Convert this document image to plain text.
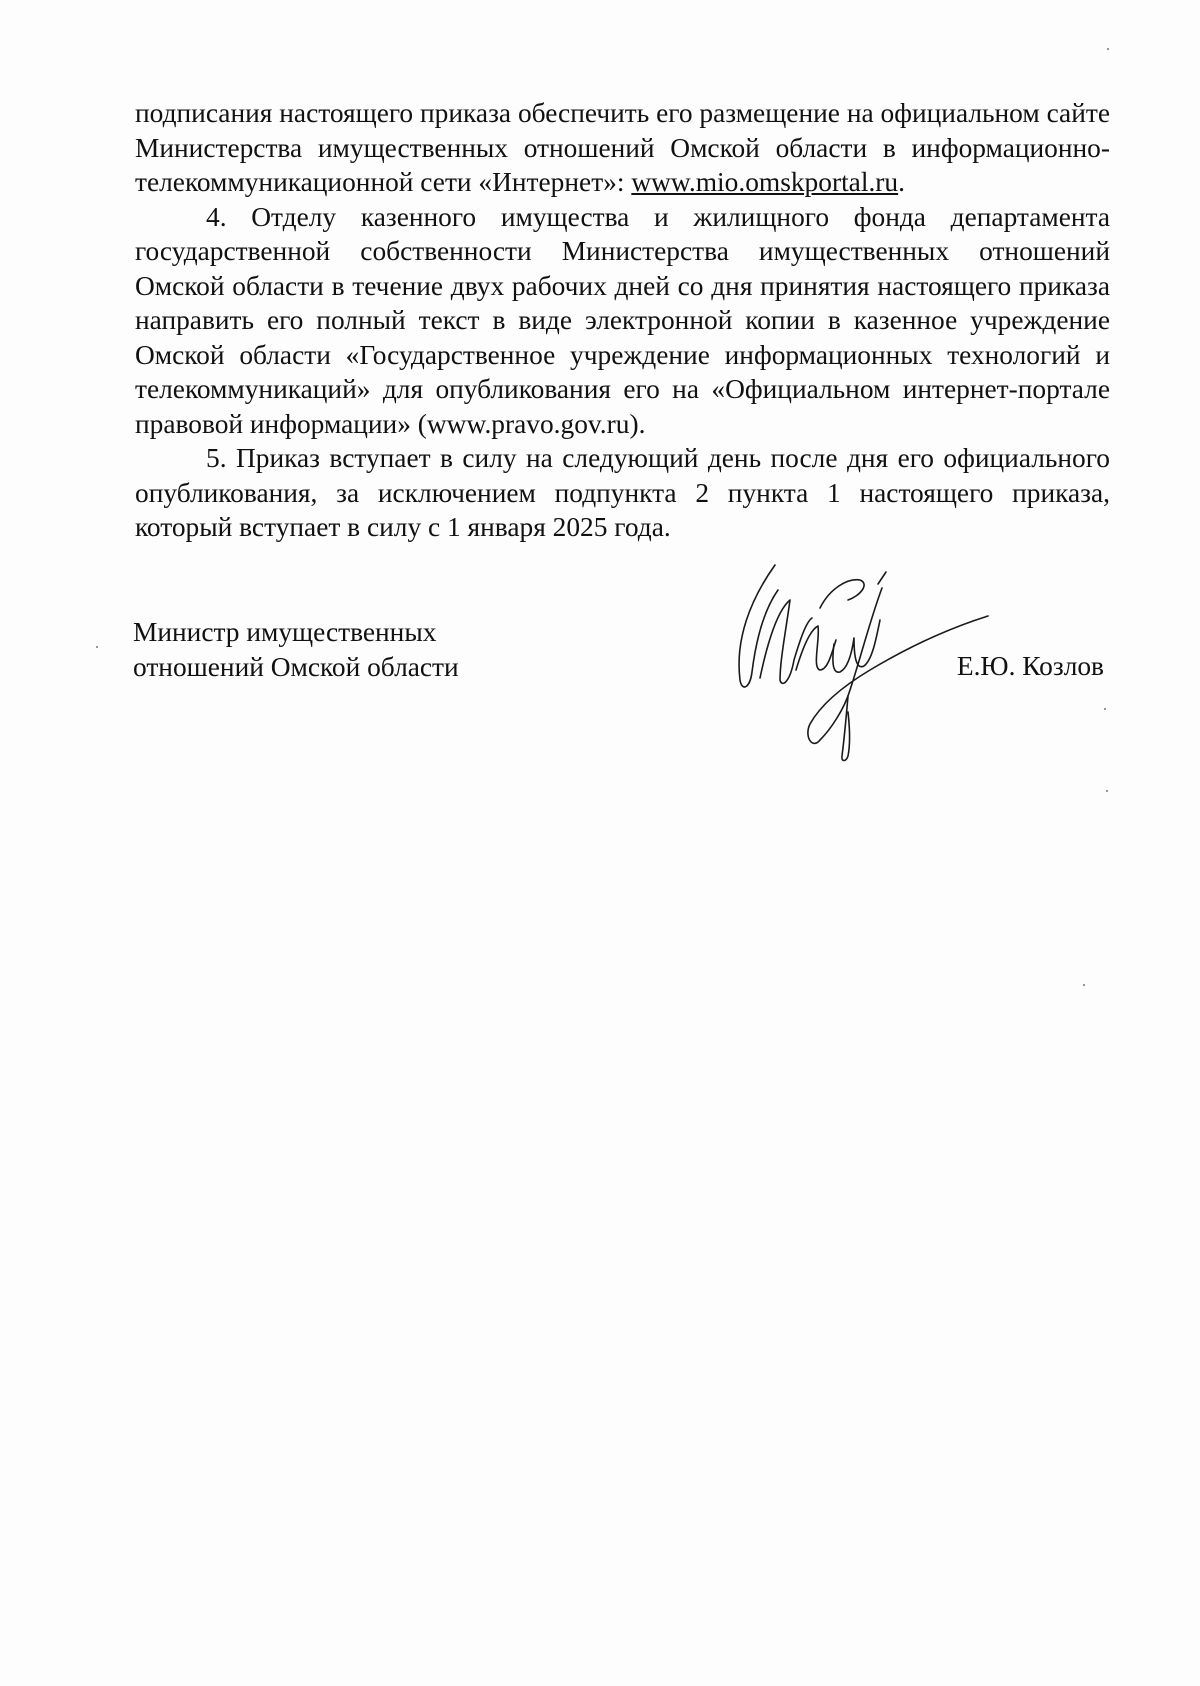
подписания настоящего приказа обеспечить его размещение на официальном сайте Министерства имущественных отношений Омской области в информационно-телекоммуникационной сети «Интернет»: www.mio.omskportal.ru.

4. Отделу казенного имущества и жилищного фонда департамента государственной собственности Министерства имущественных отношений Омской области в течение двух рабочих дней со дня принятия настоящего приказа направить его полный текст в виде электронной копии в казенное учреждение Омской области «Государственное учреждение информационных технологий и телекоммуникаций» для опубликования его на «Официальном интернет-портале правовой информации» (www.pravo.gov.ru).

5. Приказ вступает в силу на следующий день после дня его официального опубликования, за исключением подпункта 2 пункта 1 настоящего приказа, который вступает в силу с 1 января 2025 года.

Министр имущественных
отношений Омской области	Е.Ю. Козлов
